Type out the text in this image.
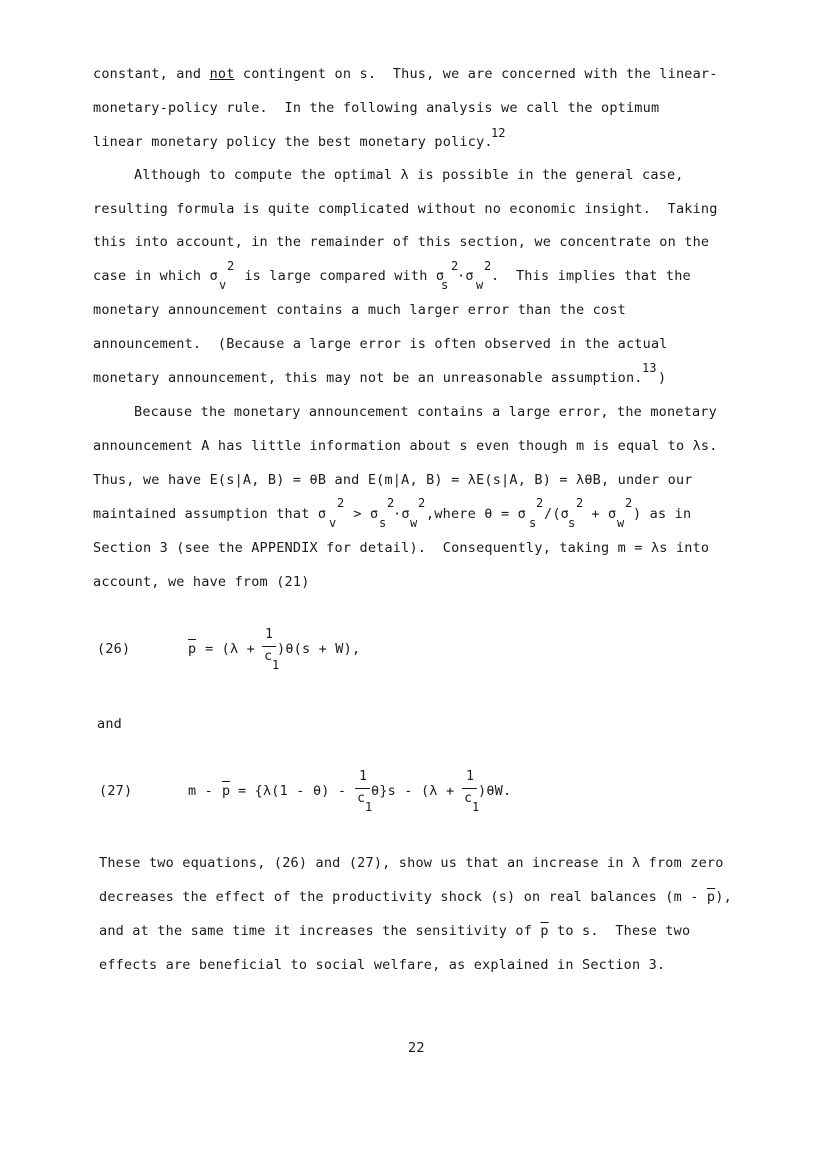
constant, and not contingent on s.  Thus, we are concerned with the linear-
monetary-policy rule.  In the following analysis we call the optimum
linear monetary policy the best monetary policy.
12
Although to compute the optimal λ is possible in the general case,
resulting formula is quite complicated without no economic insight.  Taking
this into account, in the remainder of this section, we concentrate on the
case in which σ
v
2
is large compared with σ
s
2
·σ
w
2
.  This implies that the
monetary announcement contains a much larger error than the cost
announcement.  (Because a large error is often observed in the actual
monetary announcement, this may not be an unreasonable assumption.
13
)
Because the monetary announcement contains a large error, the monetary
announcement A has little information about s even though m is equal to λs.
Thus, we have E(s|A, B) = θB and E(m|A, B) = λE(s|A, B) = λθB, under our
maintained assumption that σ
v
2
> σ
s
2
·σ
w
2
,where θ = σ
s
2
/(σ
s
2
+ σ
w
2
) as in
Section 3 (see the APPENDIX for detail).  Consequently, taking m = λs into
account, we have from (21)
(26)	p = (λ +
1
c
1
)θ(s + W),
and
(27)	m - p = {λ(1 - θ) -
1
c
1
θ}s - (λ +
1
c
1
)θW.
These two equations, (26) and (27), show us that an increase in λ from zero
decreases the effect of the productivity shock (s) on real balances $(m - \overline{p})$,
and at the same time it increases the sensitivity of $\overline{p}$ to s.  These two
effects are beneficial to social welfare, as explained in Section 3.
22
